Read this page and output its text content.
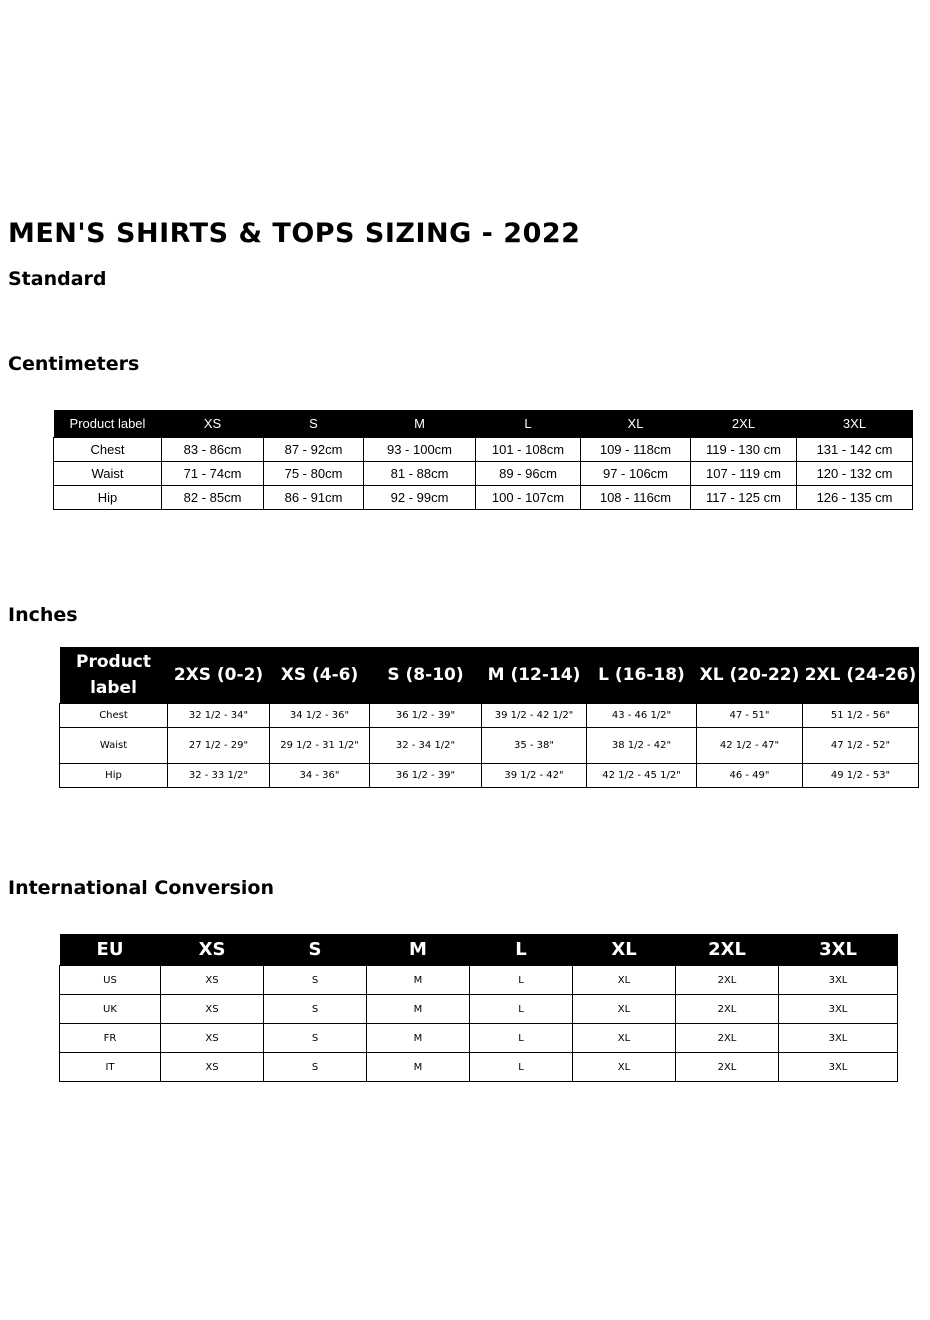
MEN'S SHIRTS & TOPS SIZING - 2022
Standard
Centimeters
Product label	XS	S	M	L	XL	2XL	3XL
Chest	83 - 86cm	87 - 92cm	93 - 100cm	101 - 108cm	109 - 118cm	119 - 130 cm	131 - 142 cm
Waist	71 - 74cm	75 - 80cm	81 - 88cm	89 - 96cm	97 - 106cm	107 - 119 cm	120 - 132 cm
Hip	82 - 85cm	86 - 91cm	92 - 99cm	100 - 107cm	108 - 116cm	117 - 125 cm	126 - 135 cm
Inches
Product label	2XS (0-2)	XS (4-6)	S (8-10)	M (12-14)	L (16-18)	XL (20-22)	2XL (24-26)
Chest	32 1/2 - 34"	34 1/2 - 36"	36 1/2 - 39"	39 1/2 - 42 1/2"	43 - 46 1/2"	47 - 51"	51 1/2 - 56"
Waist	27 1/2 - 29"	29 1/2 - 31 1/2"	32 - 34 1/2"	35 - 38"	38 1/2 - 42"	42 1/2 - 47"	47 1/2 - 52"
Hip	32 - 33 1/2"	34 - 36"	36 1/2 - 39"	39 1/2 - 42"	42 1/2 - 45 1/2"	46 - 49"	49 1/2 - 53"
International Conversion
EU	XS	S	M	L	XL	2XL	3XL
US	XS	S	M	L	XL	2XL	3XL
UK	XS	S	M	L	XL	2XL	3XL
FR	XS	S	M	L	XL	2XL	3XL
IT	XS	S	M	L	XL	2XL	3XL
